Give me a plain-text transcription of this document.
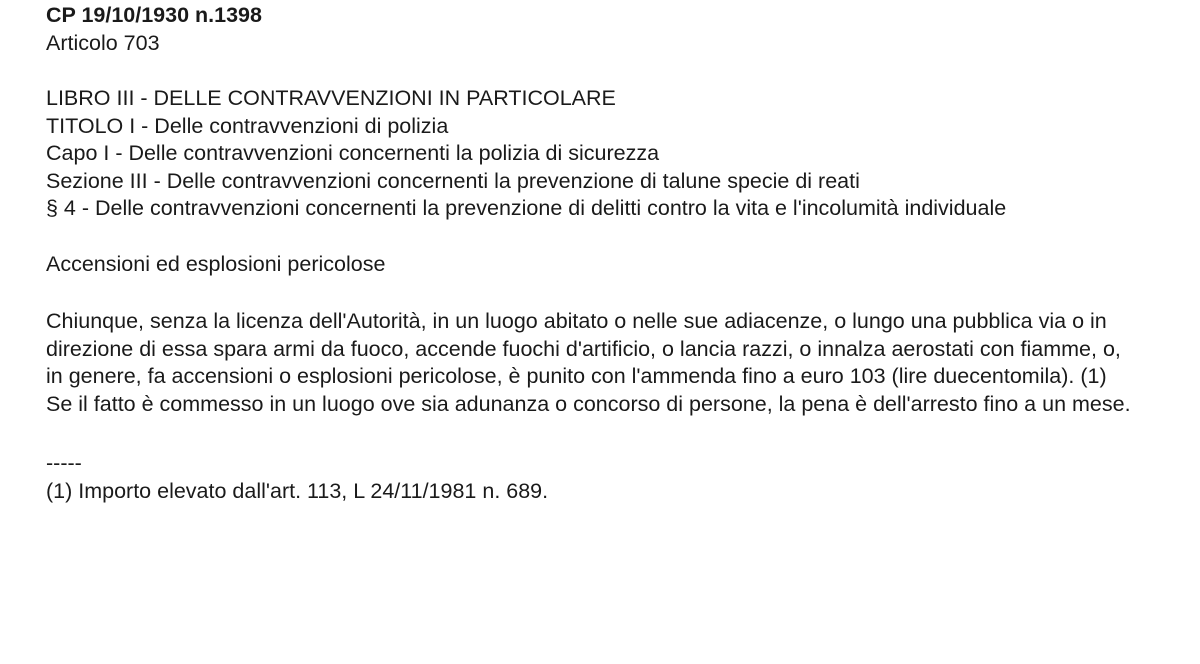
CP 19/10/1930 n.1398
Articolo 703
LIBRO III - DELLE CONTRAVVENZIONI IN PARTICOLARE
TITOLO I - Delle contravvenzioni di polizia
Capo I - Delle contravvenzioni concernenti la polizia di sicurezza
Sezione III - Delle contravvenzioni concernenti la prevenzione di talune specie di reati
§ 4 - Delle contravvenzioni concernenti la prevenzione di delitti contro la vita e l'incolumità individuale
Accensioni ed esplosioni pericolose
Chiunque, senza la licenza dell'Autorità, in un luogo abitato o nelle sue adiacenze, o lungo una pubblica via o in direzione di essa spara armi da fuoco, accende fuochi d'artificio, o lancia razzi, o innalza aerostati con fiamme, o, in genere, fa accensioni o esplosioni pericolose, è punito con l'ammenda fino a euro 103 (lire duecentomila). (1)
Se il fatto è commesso in un luogo ove sia adunanza o concorso di persone, la pena è dell'arresto fino a un mese.
-----
(1) Importo elevato dall'art. 113, L 24/11/1981 n. 689.
